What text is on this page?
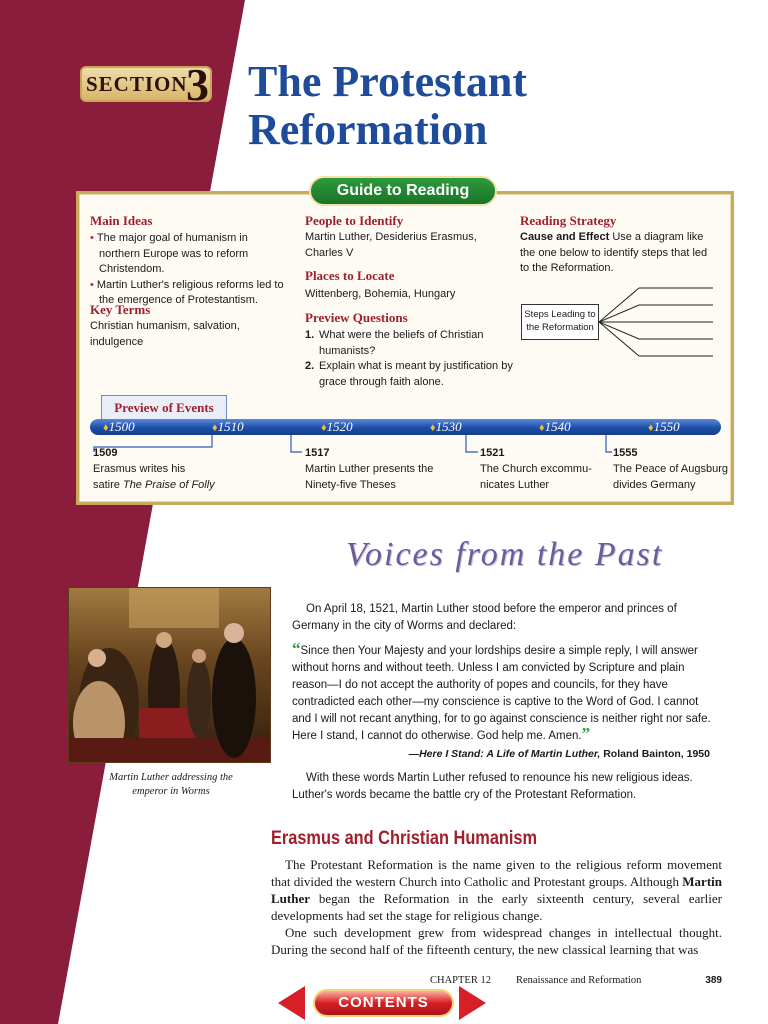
SECTION
3 The Protestant Reformation
Guide to Reading
Main Ideas
• The major goal of humanism in northern Europe was to reform Christendom.
• Martin Luther's religious reforms led to the emergence of Protestantism.
Key Terms
Christian humanism, salvation, indulgence
People to Identify
Martin Luther, Desiderius Erasmus, Charles V
Places to Locate
Wittenberg, Bohemia, Hungary
Preview Questions
1. What were the beliefs of Christian humanists?
2. Explain what is meant by justification by grace through faith alone.
Reading Strategy
Cause and Effect Use a diagram like the one below to identify steps that led to the Reformation.
Steps Leading to the Reformation
Preview of Events
♦1500	♦1510	♦1520	♦1530	♦1540	♦1550
1509
Erasmus writes his
satire The Praise of Folly
1517
Martin Luther presents the
Ninety-five Theses
1521
The Church excommu-
nicates Luther
1555
The Peace of Augsburg
divides Germany
Voices from the Past
Martin Luther addressing the emperor in Worms
On April 18, 1521, Martin Luther stood before the emperor and princes of Germany in the city of Worms and declared:
“Since then Your Majesty and your lordships desire a simple reply, I will answer without horns and without teeth. Unless I am convicted by Scripture and plain reason—I do not accept the authority of popes and councils, for they have contradicted each other—my conscience is captive to the Word of God. I cannot and I will not recant anything, for to go against conscience is neither right nor safe. Here I stand, I cannot do otherwise. God help me. Amen.”
—Here I Stand: A Life of Martin Luther, Roland Bainton, 1950
With these words Martin Luther refused to renounce his new religious ideas. Luther's words became the battle cry of the Protestant Reformation.
Erasmus and Christian Humanism

The Protestant Reformation is the name given to the religious reform movement that divided the western Church into Catholic and Protestant groups. Although Martin Luther began the Reformation in the early sixteenth century, several earlier developments had set the stage for religious change.

One such development grew from widespread changes in intellectual thought. During the second half of the fifteenth century, the new classical learning that was

CHAPTER 12 Renaissance and Reformation	389
CONTENTS
